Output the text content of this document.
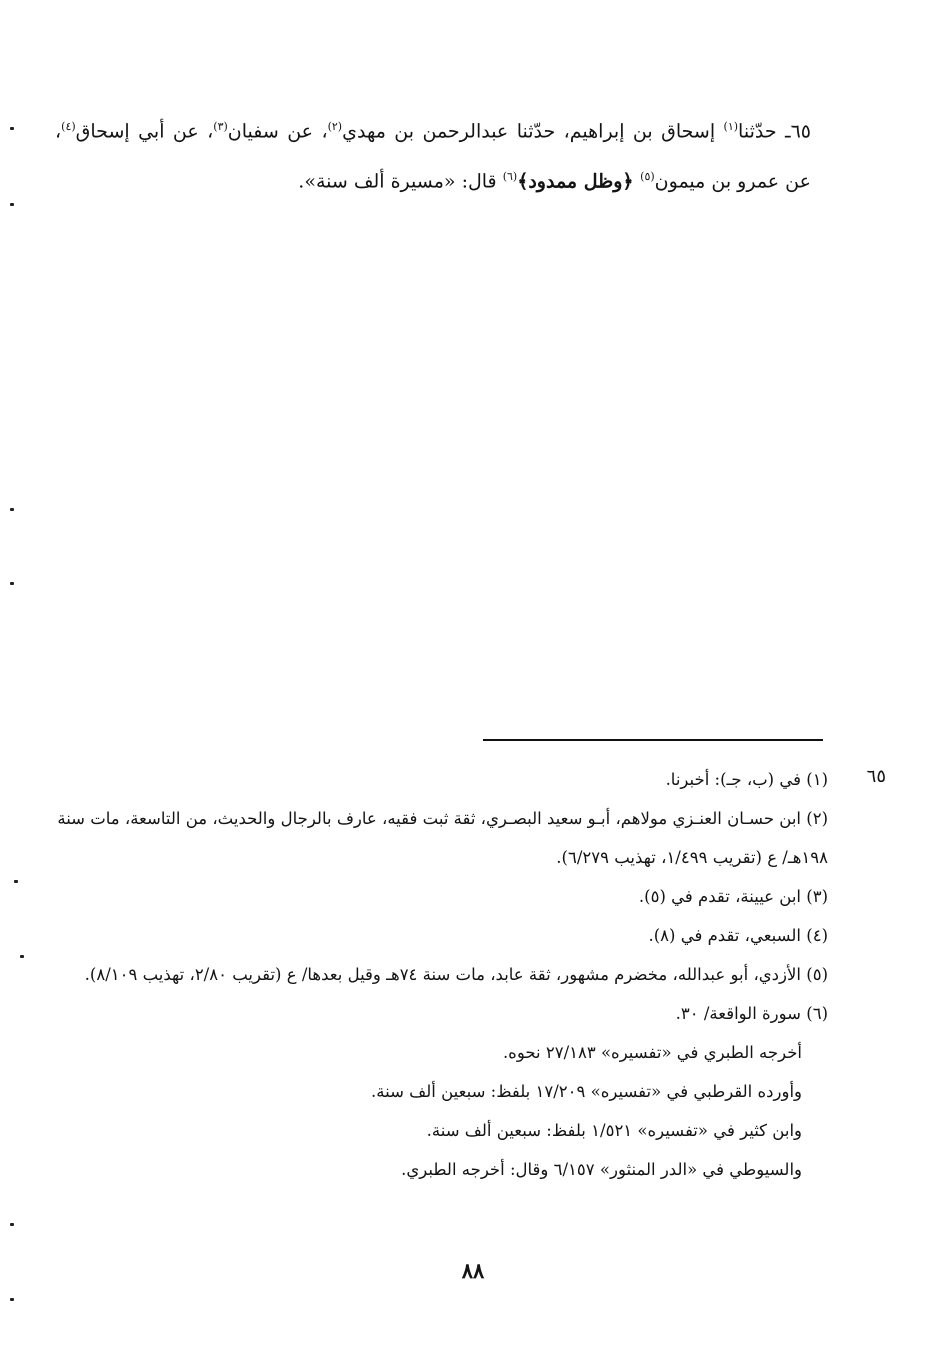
٦٥ـ حدّثنا$^{(١)}$ إسحاق بن إبراهيم، حدّثنا عبدالرحمن بن مهدي$^{(٢)}$، عن سفيان$^{(٣)}$، عن أبي إسحاق$^{(٤)}$، عن عمرو بن ميمون$^{(٥)}$ ﴿وظل ممدود﴾$^{(٦)}$ قال: «مسيرة ألف سنة».
٦٥

(١) في (ب، جـ): أخبرنا.

(٢) ابن حسـان العنـزي مولاهم، أبـو سعيد البصـري، ثقة ثبت فقيه، عارف بالرجال والحديث، من التاسعة، مات سنة ١٩٨هـ/ ع (تقريب ١/٤٩٩، تهذيب ٦/٢٧٩).

(٣) ابن عيينة، تقدم في (٥).

(٤) السبعي، تقدم في (٨).

(٥) الأزدي، أبو عبدالله، مخضرم مشهور، ثقة عابد، مات سنة ٧٤هـ وقيل بعدها/ ع (تقريب ٢/٨٠، تهذيب ٨/١٠٩).

(٦) سورة الواقعة/ ٣٠.

أخرجه الطبري في «تفسيره» ٢٧/١٨٣ نحوه.

وأورده القرطبي في «تفسيره» ١٧/٢٠٩ بلفظ: سبعين ألف سنة.

وابن كثير في «تفسيره» ١/٥٢١ بلفظ: سبعين ألف سنة.

والسيوطي في «الدر المنثور» ٦/١٥٧ وقال: أخرجه الطبري.

٨٨
